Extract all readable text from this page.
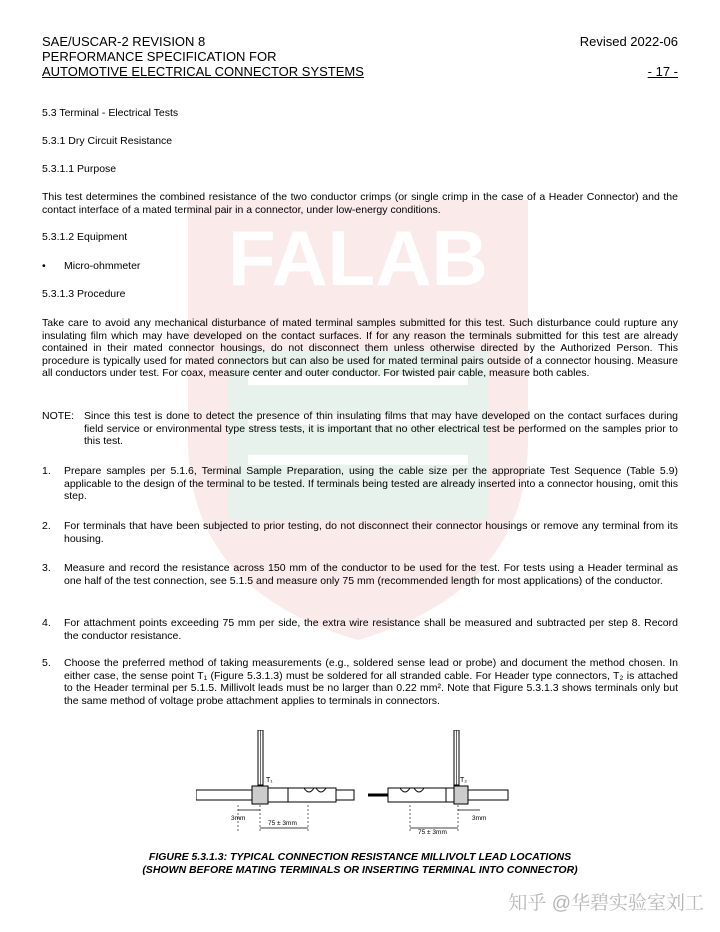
FALAB
SAE/USCAR-2 REVISION 8	Revised 2022-06
PERFORMANCE SPECIFICATION FOR
AUTOMOTIVE ELECTRICAL CONNECTOR SYSTEMS	- 17 -
5.3 Terminal - Electrical Tests
5.3.1 Dry Circuit Resistance
5.3.1.1 Purpose
This test determines the combined resistance of the two conductor crimps (or single crimp in the case of a Header Connector) and the contact interface of a mated terminal pair in a connector, under low-energy conditions.
5.3.1.2 Equipment
• Micro-ohmmeter
5.3.1.3 Procedure
Take care to avoid any mechanical disturbance of mated terminal samples submitted for this test. Such disturbance could rupture any insulating film which may have developed on the contact surfaces. If for any reason the terminals submitted for this test are already contained in their mated connector housings, do not disconnect them unless otherwise directed by the Authorized Person. This procedure is typically used for mated connectors but can also be used for mated terminal pairs outside of a connector housing. Measure all conductors under test. For coax, measure center and outer conductor. For twisted pair cable, measure both cables.
NOTE: Since this test is done to detect the presence of thin insulating films that may have developed on the contact surfaces during field service or environmental type stress tests, it is important that no other electrical test be performed on the samples prior to this test.
1.	Prepare samples per 5.1.6, Terminal Sample Preparation, using the cable size per the appropriate Test Sequence (Table 5.9) applicable to the design of the terminal to be tested. If terminals being tested are already inserted into a connector housing, omit this step.
2.	For terminals that have been subjected to prior testing, do not disconnect their connector housings or remove any terminal from its housing.
3.	Measure and record the resistance across 150 mm of the conductor to be used for the test. For tests using a Header terminal as one half of the test connection, see 5.1.5 and measure only 75 mm (recommended length for most applications) of the conductor.
4.	For attachment points exceeding 75 mm per side, the extra wire resistance shall be measured and subtracted per step 8. Record the conductor resistance.
5.	Choose the preferred method of taking measurements (e.g., soldered sense lead or probe) and document the method chosen. In either case, the sense point T₁ (Figure 5.3.1.3) must be soldered for all stranded cable. For Header type connectors, T₂ is attached to the Header terminal per 5.1.5. Millivolt leads must be no larger than 0.22 mm². Note that Figure 5.3.1.3 shows terminals only but the same method of voltage probe attachment applies to terminals in connectors.
T₁
3mm
75 ± 3mm
T₂
3mm
75 ± 3mm
FIGURE 5.3.1.3: TYPICAL CONNECTION RESISTANCE MILLIVOLT LEAD LOCATIONS
(SHOWN BEFORE MATING TERMINALS OR INSERTING TERMINAL INTO CONNECTOR)
知乎 @华碧实验室刘工
